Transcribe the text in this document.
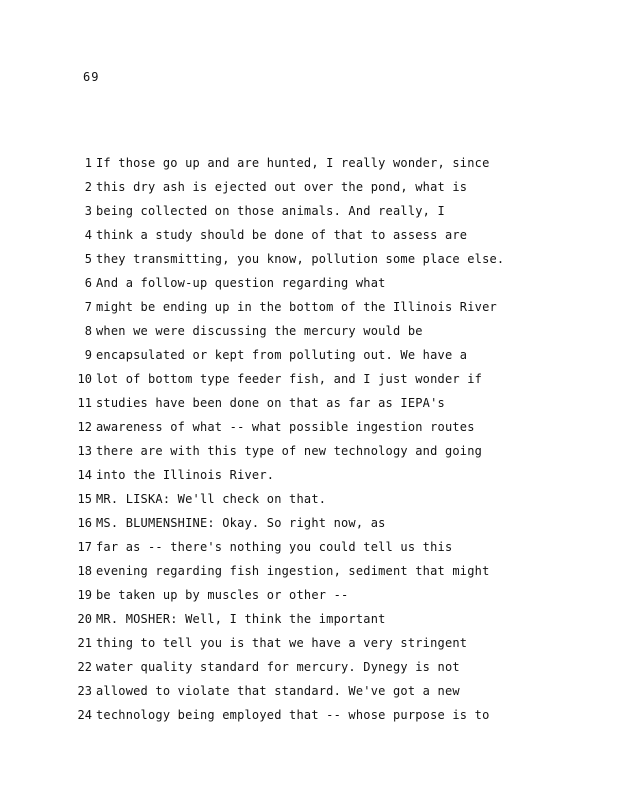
69
1 If those go up and are hunted, I really wonder, since
2 this dry ash is ejected out over the pond, what is
3 being collected on those animals. And really, I
4 think a study should be done of that to assess are
5 they transmitting, you know, pollution some place else.
6 And a follow-up question regarding what
7 might be ending up in the bottom of the Illinois River
8 when we were discussing the mercury would be
9 encapsulated or kept from polluting out. We have a
10 lot of bottom type feeder fish, and I just wonder if
11 studies have been done on that as far as IEPA's
12 awareness of what -- what possible ingestion routes
13 there are with this type of new technology and going
14 into the Illinois River.
15 MR. LISKA: We'll check on that.
16 MS. BLUMENSHINE: Okay. So right now, as
17 far as -- there's nothing you could tell us this
18 evening regarding fish ingestion, sediment that might
19 be taken up by muscles or other --
20 MR. MOSHER: Well, I think the important
21 thing to tell you is that we have a very stringent
22 water quality standard for mercury. Dynegy is not
23 allowed to violate that standard. We've got a new
24 technology being employed that -- whose purpose is to
